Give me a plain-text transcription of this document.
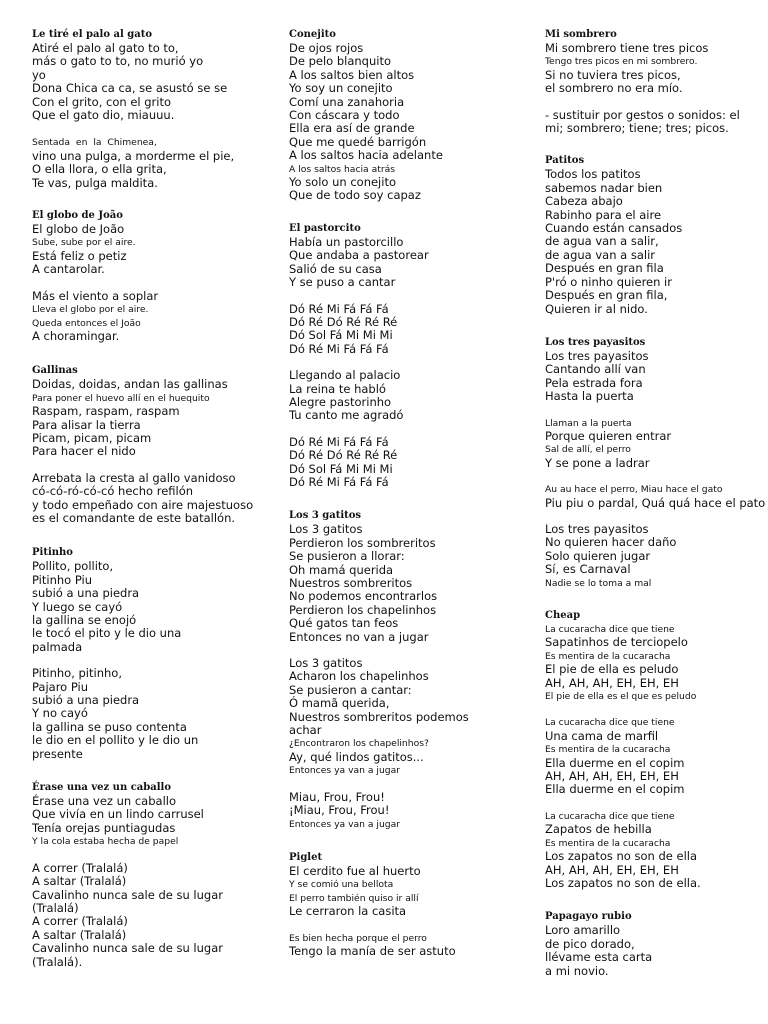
Le tiré el palo al gato
Atiré el palo al gato to to,
más o gato to to, no murió yo
yo
Dona Chica ca ca, se asustó se se
Con el grito, con el grito
Que el gato dio, miauuu.
Sentada en la Chimenea,
vino una pulga, a morderme el pie,
O ella llora, o ella grita,
Te vas, pulga maldita.
El globo de João
El globo de João
Sube, sube por el aire.
Está feliz o petiz
A cantarolar.
Más el viento a soplar
Lleva el globo por el aire.
Queda entonces el João
A choramingar.
Gallinas
Doidas, doidas, andan las gallinas
Para poner el huevo allí en el huequito
Raspam, raspam, raspam
Para alisar la tierra
Picam, picam, picam
Para hacer el nido
Arrebata la cresta al gallo vanidoso
có-có-ró-có-có hecho refilón
y todo empeñado con aire majestuoso
es el comandante de este batallón.
Pitinho
Pollito, pollito,
Pitinho Piu
subió a una piedra
Y luego se cayó
la gallina se enojó
le tocó el pito y le dio una
palmada
Pitinho, pitinho,
Pajaro Piu
subió a una piedra
Y no cayó
la gallina se puso contenta
le dio en el pollito y le dio un
presente
Érase una vez un caballo
Érase una vez un caballo
Que vivía en un lindo carrusel
Tenía orejas puntiagudas
Y la cola estaba hecha de papel
A correr (Tralalá)
A saltar (Tralalá)
Cavalinho nunca sale de su lugar
(Tralalá)
A correr (Tralalá)
A saltar (Tralalá)
Cavalinho nunca sale de su lugar
(Tralalá).
Conejito
De ojos rojos
De pelo blanquito
A los saltos bien altos
Yo soy un conejito
Comí una zanahoria
Con cáscara y todo
Ella era así de grande
Que me quedé barrigón
A los saltos hacia adelante
A los saltos hacia atrás
Yo solo un conejito
Que de todo soy capaz
El pastorcito
Había un pastorcillo
Que andaba a pastorear
Salió de su casa
Y se puso a cantar
Dó Ré Mi Fá Fá Fá
Dó Ré Dó Ré Ré Ré
Dó Sol Fá Mi Mi Mi
Dó Ré Mi Fá Fá Fá
Llegando al palacio
La reina te habló
Alegre pastorinho
Tu canto me agradó
Dó Ré Mi Fá Fá Fá
Dó Ré Dó Ré Ré Ré
Dó Sol Fá Mi Mi Mi
Dó Ré Mi Fá Fá Fá
Los 3 gatitos
Los 3 gatitos
Perdieron los sombreritos
Se pusieron a llorar:
Oh mamá querida
Nuestros sombreritos
No podemos encontrarlos
Perdieron los chapelinhos
Qué gatos tan feos
Entonces no van a jugar
Los 3 gatitos
Acharon los chapelinhos
Se pusieron a cantar:
Ó mamã querida,
Nuestros sombreritos podemos
achar
¿Encontraron los chapelinhos?
Ay, qué lindos gatitos...
Entonces ya van a jugar
Miau, Frou, Frou!
¡Miau, Frou, Frou!
Entonces ya van a jugar
Piglet
El cerdito fue al huerto
Y se comió una bellota
El perro también quiso ir allí
Le cerraron la casita
Es bien hecha porque el perro
Tengo la manía de ser astuto
Mi sombrero
Mi sombrero tiene tres picos
Tengo tres picos en mi sombrero.
Si no tuviera tres picos,
el sombrero no era mío.
- sustituir por gestos o sonidos: el
mi; sombrero; tiene; tres; picos.
Patitos
Todos los patitos
sabemos nadar bien
Cabeza abajo
Rabinho para el aire
Cuando están cansados
de agua van a salir,
de agua van a salir
Después en gran fila
P'ró o ninho quieren ir
Después en gran fila,
Quieren ir al nido.
Los tres payasitos
Los tres payasitos
Cantando allí van
Pela estrada fora
Hasta la puerta
Llaman a la puerta
Porque quieren entrar
Sal de allí, el perro
Y se pone a ladrar
Au au hace el perro, Miau hace el gato
Piu piu o pardal, Quá quá hace el pato
Los tres payasitos
No quieren hacer daño
Solo quieren jugar
Sí, es Carnaval
Nadie se lo toma a mal
Cheap
La cucaracha dice que tiene
Sapatinhos de terciopelo
Es mentira de la cucaracha
El pie de ella es peludo
AH, AH, AH, EH, EH, EH
El pie de ella es el que es peludo
La cucaracha dice que tiene
Una cama de marfil
Es mentira de la cucaracha
Ella duerme en el copim
AH, AH, AH, EH, EH, EH
Ella duerme en el copim
La cucaracha dice que tiene
Zapatos de hebilla
Es mentira de la cucaracha
Los zapatos no son de ella
AH, AH, AH, EH, EH, EH
Los zapatos no son de ella.
Papagayo rubio
Loro amarillo
de pico dorado,
llévame esta carta
a mi novio.
